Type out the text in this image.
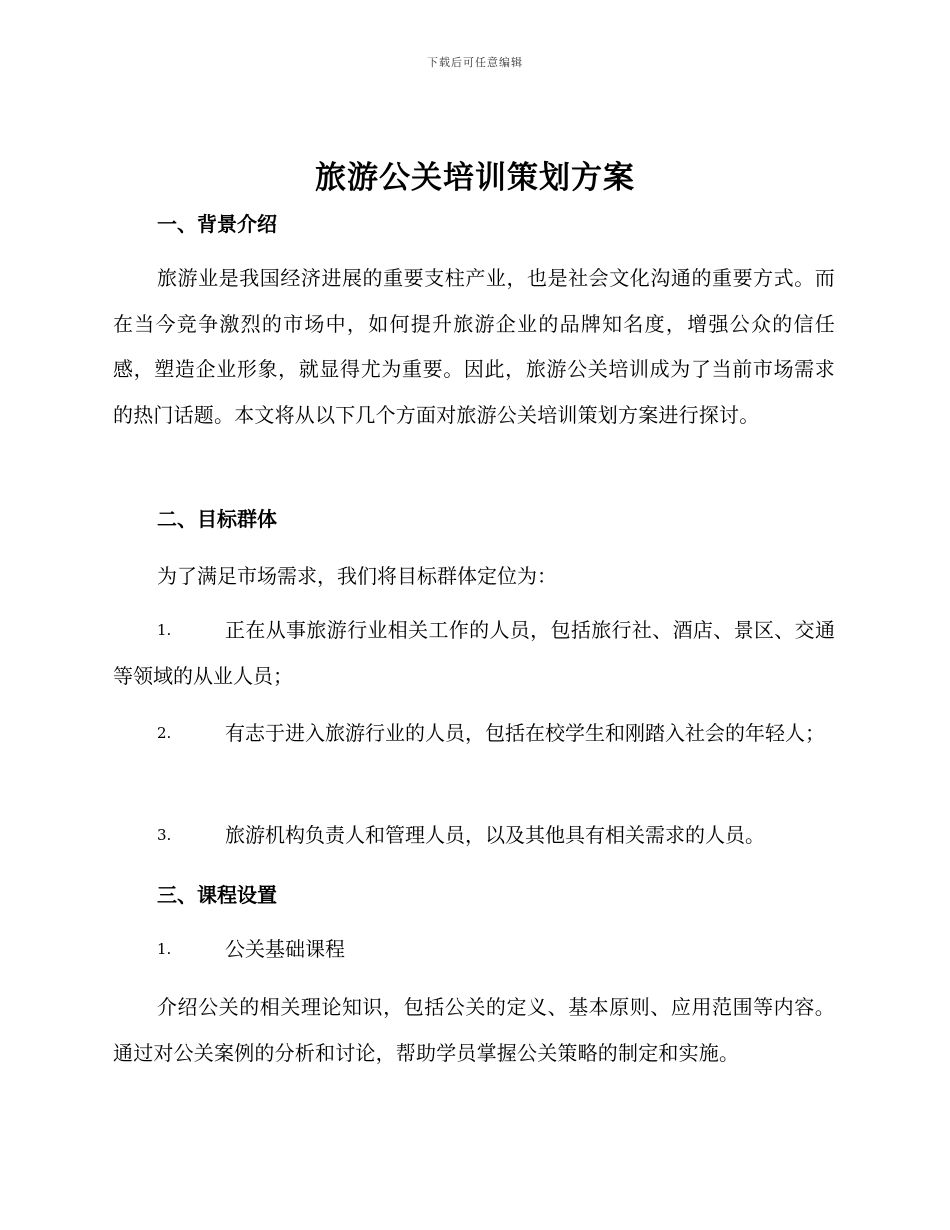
下载后可任意编辑
旅游公关培训策划方案
一、背景介绍
旅游业是我国经济进展的重要支柱产业，也是社会文化沟通的重要方式。而在当今竞争激烈的市场中，如何提升旅游企业的品牌知名度，增强公众的信任感，塑造企业形象，就显得尤为重要。因此，旅游公关培训成为了当前市场需求的热门话题。本文将从以下几个方面对旅游公关培训策划方案进行探讨。
二、目标群体
为了满足市场需求，我们将目标群体定位为：
1.	正在从事旅游行业相关工作的人员，包括旅行社、酒店、景区、交通等领域的从业人员；
2.	有志于进入旅游行业的人员，包括在校学生和刚踏入社会的年轻人；
3.	旅游机构负责人和管理人员，以及其他具有相关需求的人员。
三、课程设置
1.	公关基础课程
介绍公关的相关理论知识，包括公关的定义、基本原则、应用范围等内容。通过对公关案例的分析和讨论，帮助学员掌握公关策略的制定和实施。
